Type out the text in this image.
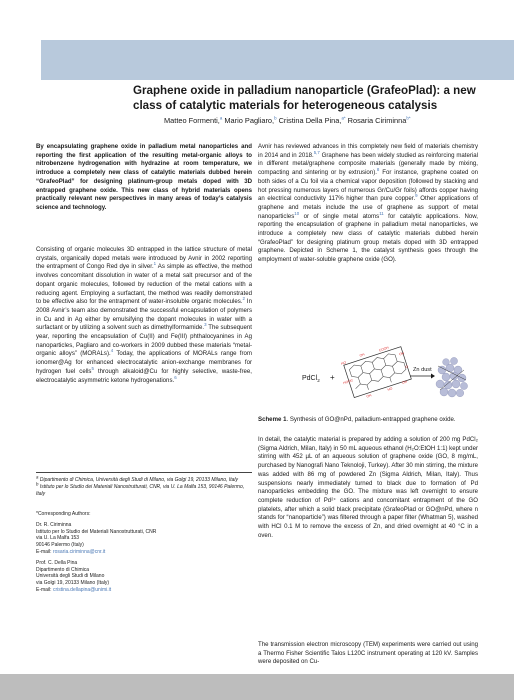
Graphene oxide in palladium nanoparticle (GrafeoPlad): a new class of catalytic materials for heterogeneous catalysis
Matteo Formenti,$^a$ Mario Pagliaro,$^b$ Cristina Della Pina,$^{a*}$ Rosaria Ciriminna$^{b*}$

By encapsulating graphene oxide in palladium metal nanoparticles and reporting the first application of the resulting metal-organic alloys to nitrobenzene hydrogenation with hydrazine at room temperature, we introduce a completely new class of catalytic materials dubbed herein “GrafeoPlad” for designing platinum-group metals doped with 3D entrapped graphene oxide. This new class of hybrid materials opens practically relevant new perspectives in many areas of today’s catalysis science and technology.

Consisting of organic molecules 3D entrapped in the lattice structure of metal crystals, organically doped metals were introduced by Avnir in 2002 reporting the entrapment of Congo Red dye in silver.$^1$ As simple as effective, the method involves concomitant dissolution in water of a metal salt precursor and of the dopant organic molecules, followed by reduction of the metal cations with a reducing agent. Employing a surfactant, the method was readily demonstrated to be effective also for the entrapment of water-insoluble organic molecules.$^2$ In 2008 Avnir’s team also demonstrated the successful encapsulation of polymers in Cu and in Ag either by emulsifying the dopant molecules in water with a surfactant or by utilizing a solvent such as dimethylformamide.$^3$ The subsequent year, reporting the encapsulation of Cu(II) and Fe(III) phthalocyanines in Ag nanoparticles, Pagliaro and co-workers in 2009 dubbed these materials “metal-organic alloys” (MORALs).$^4$ Today, the applications of MORALs range from ionomer@Ag for enhanced electrocatalytic anion-exchange membranes for hydrogen fuel cells$^5$ through alkaloid@Cu for highly selective, waste-free, electrocatalytic asymmetric ketone hydrogenations.$^6$

$^a$ Dipartimento di Chimica, Università degli Studi di Milano, via Golgi 19, 20133 Milano, Italy
$^b$ Istituto per lo Studio dei Materiali Nanostrutturati, CNR, via U. La Malfa 153, 90146 Palermo, Italy
*Corresponding Authors:
Dr. R. Ciriminna
Istituto per lo Studio dei Materiali Nanostrutturati, CNR
via U. La Malfa 153
90146 Palermo (Italy)
E-mail: rosaria.ciriminna@cnr.it
Prof. C. Della Pina
Dipartimento di Chimica
Università degli Studi di Milano
via Golgi 19, 20133 Milano (Italy)
E-mail: cristina.dellapina@unimi.it

Avnir has reviewed advances in this completely new field of materials chemistry in 2014 and in 2018.$^{5,7}$ Graphene has been widely studied as reinforcing material in different metal/graphene composite materials (generally made by mixing, compacting and sintering or by extrusion).$^8$ For instance, graphene coated on both sides of a Cu foil via a chemical vapor deposition (followed by stacking and hot pressing numerous layers of numerous Gr/Cu/Gr foils) affords copper having an electrical conductivity 117% higher than pure copper.$^9$ Other applications of graphene and metals include the use of graphene as support of metal nanoparticles$^{10}$ or of single metal atoms$^{11}$ for catalytic applications. Now, reporting the encapsulation of graphene in palladium metal nanoparticles, we introduce a completely new class of catalytic materials dubbed herein “GrafeoPlad” for designing platinum group metals doped with 3D entrapped graphene. Depicted in Scheme 1, the catalyst synthesis goes through the employment of water-soluble graphene oxide (GO).

PdCl$_2$ +
HO
OH
COOH
OH
O
HOOC
OH
HO
OH
Zn dust

Scheme 1. Synthesis of GO@nPd, palladium-entrapped graphene oxide.

In detail, the catalytic material is prepared by adding a solution of 200 mg PdCl₂ (Sigma Aldrich, Milan, Italy) in 50 mL aqueous ethanol (H₂O:EtOH 1:1) kept under stirring with 452 µL of an aqueous solution of graphene oxide (GO, 8 mg/mL, purchased by Nanografi Nano Teknoloji, Turkey). After 30 min stirring, the mixture was added with 86 mg of powdered Zn (Sigma Aldrich, Milan, Italy). Thus suspensions nearly immediately turned to black due to formation of Pd nanoparticles embedding the GO. The mixture was left overnight to ensure complete reduction of Pd²⁺ cations and concomitant entrapment of the GO platelets, after which a solid black precipitate (GrafeoPlad or GO@nPd, where n stands for “nanoparticle”) was filtered through a paper filter (Whatman 5), washed with HCl 0.1 M to remove the excess of Zn, and dried overnight at 40 °C in a oven.

The transmission electron microscopy (TEM) experiments were carried out using a Thermo Fisher Scientific Talos L120C instrument operating at 120 kV. Samples were deposited on Cu-
